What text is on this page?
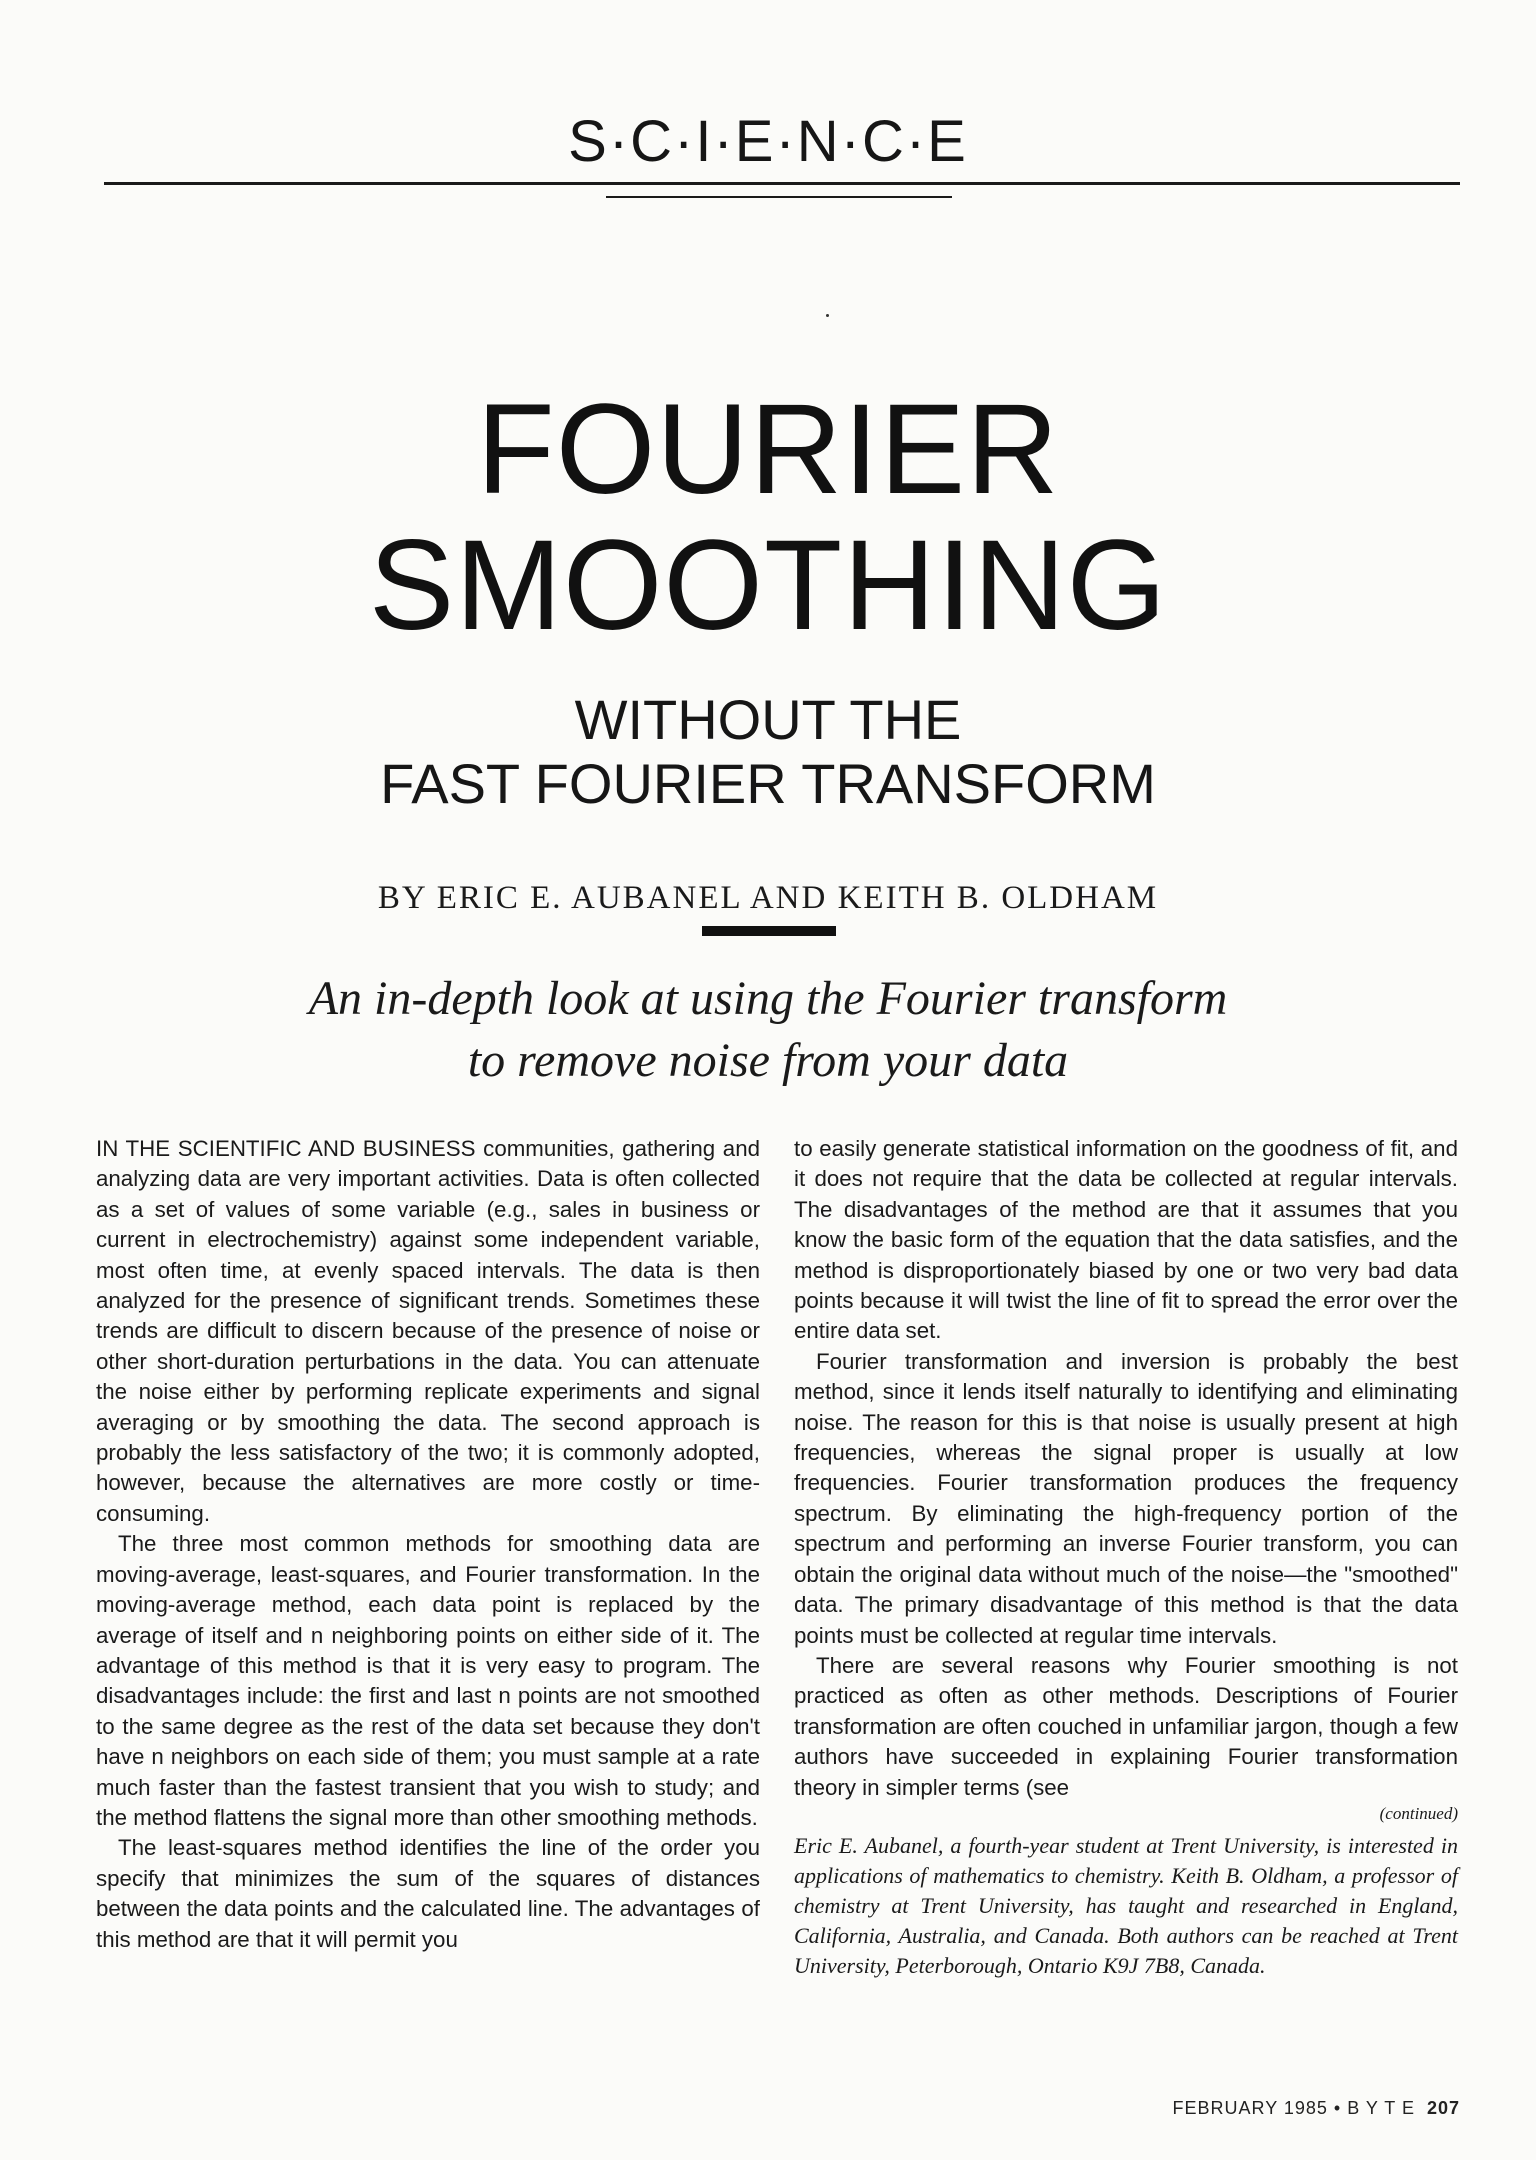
S·C·I·E·N·C·E
FOURIER
SMOOTHING
WITHOUT THE
FAST FOURIER TRANSFORM
BY ERIC E. AUBANEL AND KEITH B. OLDHAM
An in-depth look at using the Fourier transform
to remove noise from your data

IN THE SCIENTIFIC AND BUSINESS communities, gathering and analyzing data are very important activities. Data is often collected as a set of values of some variable (e.g., sales in business or current in electrochemistry) against some independent variable, most often time, at evenly spaced intervals. The data is then analyzed for the presence of significant trends. Sometimes these trends are difficult to discern because of the presence of noise or other short-duration perturbations in the data. You can attenuate the noise either by performing replicate experiments and signal averaging or by smoothing the data. The second approach is probably the less satisfactory of the two; it is commonly adopted, however, because the alternatives are more costly or time-consuming.

The three most common methods for smoothing data are moving-average, least-squares, and Fourier transformation. In the moving-average method, each data point is replaced by the average of itself and n neighboring points on either side of it. The advantage of this method is that it is very easy to program. The disadvantages include: the first and last n points are not smoothed to the same degree as the rest of the data set because they don't have n neighbors on each side of them; you must sample at a rate much faster than the fastest transient that you wish to study; and the method flattens the signal more than other smoothing methods.

The least-squares method identifies the line of the order you specify that minimizes the sum of the squares of distances between the data points and the calculated line. The advantages of this method are that it will permit you

to easily generate statistical information on the goodness of fit, and it does not require that the data be collected at regular intervals. The disadvantages of the method are that it assumes that you know the basic form of the equation that the data satisfies, and the method is disproportionately biased by one or two very bad data points because it will twist the line of fit to spread the error over the entire data set.

Fourier transformation and inversion is probably the best method, since it lends itself naturally to identifying and eliminating noise. The reason for this is that noise is usually present at high frequencies, whereas the signal proper is usually at low frequencies. Fourier transformation produces the frequency spectrum. By eliminating the high-frequency portion of the spectrum and performing an inverse Fourier transform, you can obtain the original data without much of the noise—the "smoothed" data. The primary disadvantage of this method is that the data points must be collected at regular time intervals.

There are several reasons why Fourier smoothing is not practiced as often as other methods. Descriptions of Fourier transformation are often couched in unfamiliar jargon, though a few authors have succeeded in explaining Fourier transformation theory in simpler terms (see

(continued)
Eric E. Aubanel, a fourth-year student at Trent University, is interested in applications of mathematics to chemistry. Keith B. Oldham, a professor of chemistry at Trent University, has taught and researched in England, California, Australia, and Canada. Both authors can be reached at Trent University, Peterborough, Ontario K9J 7B8, Canada.
FEBRUARY 1985 • B Y T E 207
